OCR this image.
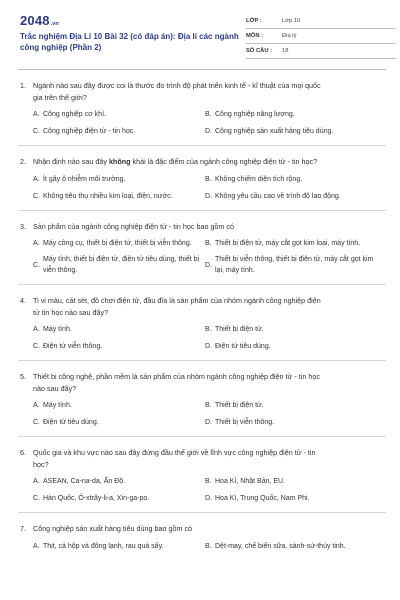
2048 .vn
Trắc nghiệm Địa Lí 10 Bài 32 (có đáp án): Địa lí các ngành công nghiệp (Phần 2)
LỚP :	Lớp 10
MÔN :	Địa lý
SỐ CÂU :	18
1. Ngành nào sau đây được coi là thước đo trình độ phát triển kinh tế - kĩ thuật của mọi quốc gia trên thế giới?
A. Công nghiệp cơ khí.	B. Công nghiệp năng lượng.
C. Công nghiệp điện tử - tin học.	D. Công nghiệp sản xuất hàng tiêu dùng.
2. Nhận định nào sau đây không khải là đặc điểm của ngành công nghiệp điện tử - tin học?
A. Ít gây ô nhiễm môi trường.	B. Không chiếm diện tích rộng.
C. Không tiêu thụ nhiều kim loại, điện, nước.	D. Không yêu cầu cao về trình độ lao động.
3. Sản phẩm của ngành công nghiệp điện tử - tin học bao gồm có
A. Máy công cụ, thiết bị điện tử, thiết bị viễn thông. B. Thiết bị điện tử, máy cắt gọt kim loại, máy tính.
C.
Máy tính, thiết bị điện tử, điện tử tiêu dùng, thiết bị viễn thông.
D.
Thiết bị viễn thông, thiết bị điện tử, máy cắt gọt kim lại, máy tính.
4. Ti vi màu, cát sét, đồ chơi điện tử, đầu đĩa là sản phẩm của nhóm ngành công nghiệp điện tử tin học nào sau đây?
A. Máy tính.	B. Thiết bị điện tử.
C. Điện tử viễn thông.	D. Điện tử tiêu dùng.
5. Thiết bị công nghệ, phần mềm là sản phẩm của nhóm ngành công nghiệp điện tử - tin học nào sau đây?
A. Máy tính.	B. Thiết bị điện tử.
C. Điện tử tiêu dùng.	D. Thiết bị viễn thông.
6. Quốc gia và khu vực nào sau đây đứng đầu thế giới về lĩnh vực công nghiệp điện tử - tin học?
A. ASEAN, Ca-na-da, Ấn Độ.	B. Hoa Kì, Nhật Bản, EU.
C. Hàn Quốc, Ô-xtrây-li-a, Xin-ga-po.	D. Hoa Kì, Trung Quốc, Nam Phi.
7. Công nghiệp sản xuất hàng tiêu dùng bao gồm có
A. Thịt, cá hộp và đông lạnh, rau quả sấy.	B. Dệt-may, chế biến sữa, sành-sứ-thủy tinh.
